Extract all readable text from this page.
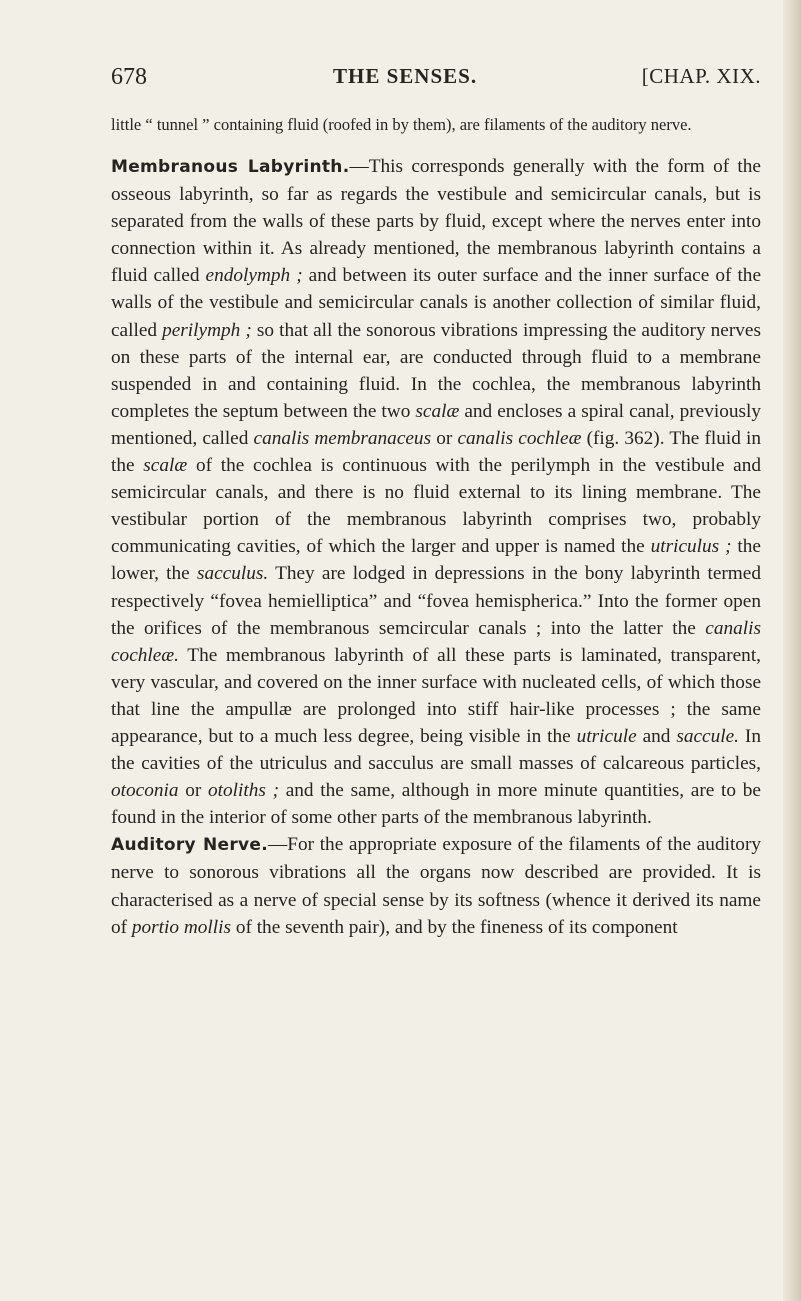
678	THE SENSES.	[CHAP. XIX.
little “ tunnel ” containing fluid (roofed in by them), are filaments of the auditory nerve.

Membranous Labyrinth.—This corresponds generally with the form of the osseous labyrinth, so far as regards the vestibule and semicircular canals, but is separated from the walls of these parts by fluid, except where the nerves enter into connection within it. As already mentioned, the membranous labyrinth contains a fluid called endolymph ; and between its outer surface and the inner surface of the walls of the vestibule and semicircular canals is another collection of similar fluid, called perilymph ; so that all the sonorous vibrations impressing the auditory nerves on these parts of the internal ear, are conducted through fluid to a membrane suspended in and containing fluid. In the cochlea, the membranous labyrinth completes the septum between the two scalæ and encloses a spiral canal, previously mentioned, called canalis membranaceus or canalis cochleæ (fig. 362). The fluid in the scalæ of the cochlea is continuous with the perilymph in the vestibule and semicircular canals, and there is no fluid external to its lining membrane. The vestibular portion of the membranous labyrinth comprises two, probably communicating cavities, of which the larger and upper is named the utriculus ; the lower, the sacculus. They are lodged in depressions in the bony labyrinth termed respectively “fovea hemielliptica” and “fovea hemispherica.” Into the former open the orifices of the membranous semcircular canals ; into the latter the canalis cochleæ. The membranous labyrinth of all these parts is laminated, transparent, very vascular, and covered on the inner surface with nucleated cells, of which those that line the ampullæ are prolonged into stiff hair-like processes ; the same appearance, but to a much less degree, being visible in the utricule and saccule. In the cavities of the utriculus and sacculus are small masses of calcareous particles, otoconia or otoliths ; and the same, although in more minute quantities, are to be found in the interior of some other parts of the membranous labyrinth.

Auditory Nerve.—For the appropriate exposure of the filaments of the auditory nerve to sonorous vibrations all the organs now described are provided. It is characterised as a nerve of special sense by its softness (whence it derived its name of portio mollis of the seventh pair), and by the fineness of its component
